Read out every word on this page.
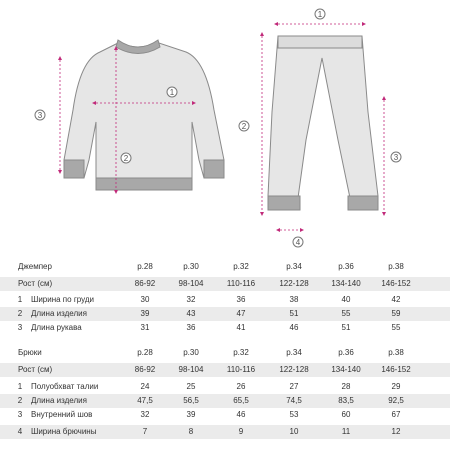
1
2
3
1
2
3
4
Джемпер	р.28	р.30	р.32	р.34	р.36	р.38
Рост (см)	86-92	98-104	110-116	122-128	134-140	146-152
1	Ширина по груди	30	32	36	38	40	42
2	Длина изделия	39	43	47	51	55	59
3	Длина рукава	31	36	41	46	51	55
Брюки	р.28	р.30	р.32	р.34	р.36	р.38
Рост (см)	86-92	98-104	110-116	122-128	134-140	146-152
1	Полуобхват талии	24	25	26	27	28	29
2	Длина изделия	47,5	56,5	65,5	74,5	83,5	92,5
3	Внутренний шов	32	39	46	53	60	67
4	Ширина брючины	7	8	9	10	11	12
